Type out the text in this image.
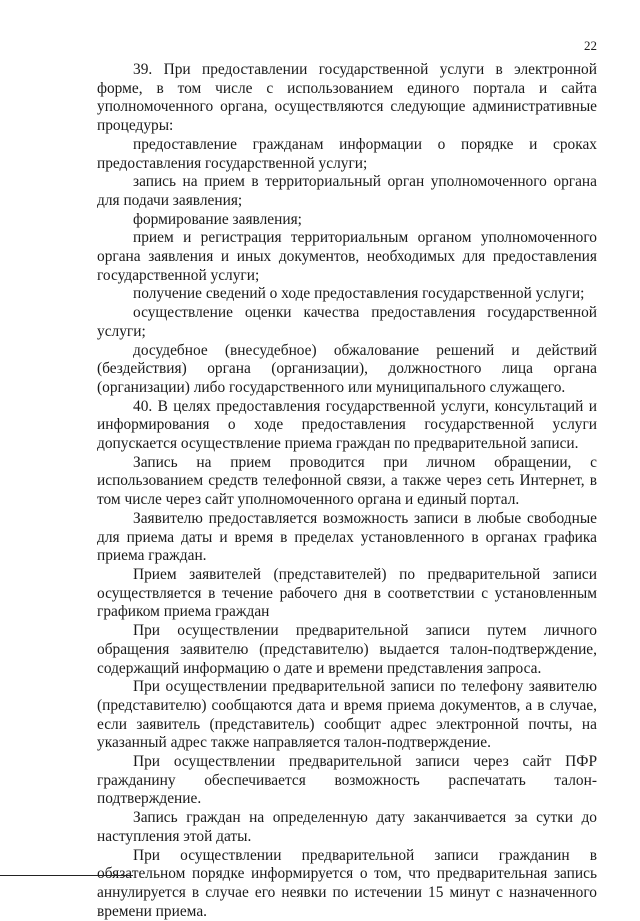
22

39. При предоставлении государственной услуги в электронной форме, в том числе с использованием единого портала и сайта уполномоченного органа, осуществляются следующие административные процедуры:

предоставление гражданам информации о порядке и сроках предоставления государственной услуги;

запись на прием в территориальный орган уполномоченного органа для подачи заявления;

формирование заявления;

прием и регистрация территориальным органом уполномоченного органа заявления и иных документов, необходимых для предоставления государственной услуги;

получение сведений о ходе предоставления государственной услуги;

осуществление оценки качества предоставления государственной услуги;

досудебное (внесудебное) обжалование решений и действий (бездействия) органа (организации), должностного лица органа (организации) либо государственного или муниципального служащего.

40. В целях предоставления государственной услуги, консультаций и информирования о ходе предоставления государственной услуги допускается осуществление приема граждан по предварительной записи.

Запись на прием проводится при личном обращении, с использованием средств телефонной связи, а также через сеть Интернет, в том числе через сайт уполномоченного органа и единый портал.

Заявителю предоставляется возможность записи в любые свободные для приема даты и время в пределах установленного в органах графика приема граждан.

Прием заявителей (представителей) по предварительной записи осуществляется в течение рабочего дня в соответствии с установленным графиком приема граждан

При осуществлении предварительной записи путем личного обращения заявителю (представителю) выдается талон-подтверждение, содержащий информацию о дате и времени представления запроса.

При осуществлении предварительной записи по телефону заявителю (представителю) сообщаются дата и время приема документов, а в случае, если заявитель (представитель) сообщит адрес электронной почты, на указанный адрес также направляется талон-подтверждение.

При осуществлении предварительной записи через сайт ПФР гражданину обеспечивается возможность распечатать талон-подтверждение.

Запись граждан на определенную дату заканчивается за сутки до наступления этой даты.

При осуществлении предварительной записи гражданин в обязательном порядке информируется о том, что предварительная запись аннулируется в случае его неявки по истечении 15 минут с назначенного времени приема.
